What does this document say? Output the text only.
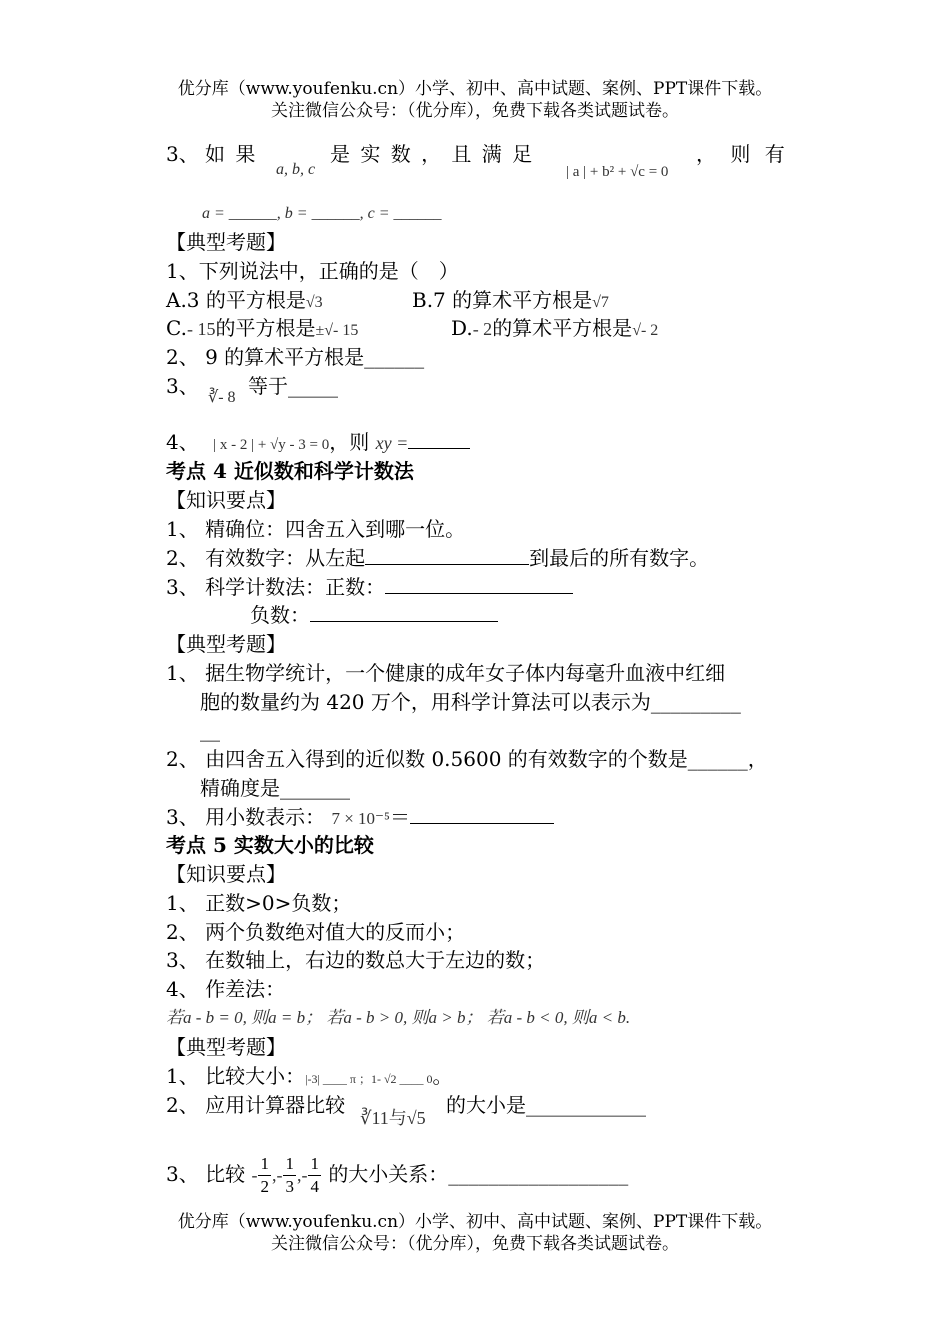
优分库（www.youfenku.cn）小学、初中、高中试题、案例、PPT课件下载。
关注微信公众号：（优分库），免费下载各类试题试卷。
3、 如 果
a, b, c
是 实 数 ， 且 满 足
| a | + b² + √c = 0
， 则 有
a = ______, b = ______, c = ______
【典型考题】
1、下列说法中，正确的是（　）
A.3 的平方根是√3	B.7 的算术平方根是√7
C.- 15的平方根是±√- 15	D.- 2的算术平方根是√- 2
2、 9 的算术平方根是______
3、 ∛- 8 等于_____
4、 | x - 2 | + √y - 3 = 0，则 xy =
考点 4 近似数和科学计数法
【知识要点】
1、 精确位：四舍五入到哪一位。
2、 有效数字：从左起	到最后的所有数字。
3、 科学计数法：正数：
负数：
【典型考题】
1、 据生物学统计，一个健康的成年女子体内每毫升血液中红细
胞的数量约为 420 万个，用科学计算法可以表示为_________
__
2、 由四舍五入得到的近似数 0.5600 的有效数字的个数是______，
精确度是_______
3、 用小数表示： 7 × 10⁻⁵＝
考点 5 实数大小的比较
【知识要点】
1、 正数>0>负数；
2、 两个负数绝对值大的反而小；
3、 在数轴上，右边的数总大于左边的数；
4、 作差法：
若a - b = 0, 则a = b； 若a - b > 0, 则a > b； 若a - b < 0, 则a < b.
【典型考题】
1、 比较大小：|-3| ____ π ；1- √2 ____ 0。
2、 应用计算器比较
∛11与√5
的大小是____________
3、 比较 - $\frac{1}{2}$ ,- $\frac{1}{3}$ ,- $\frac{1}{4}$ 的大小关系：__________________
优分库（www.youfenku.cn）小学、初中、高中试题、案例、PPT课件下载。
关注微信公众号：（优分库），免费下载各类试题试卷。
